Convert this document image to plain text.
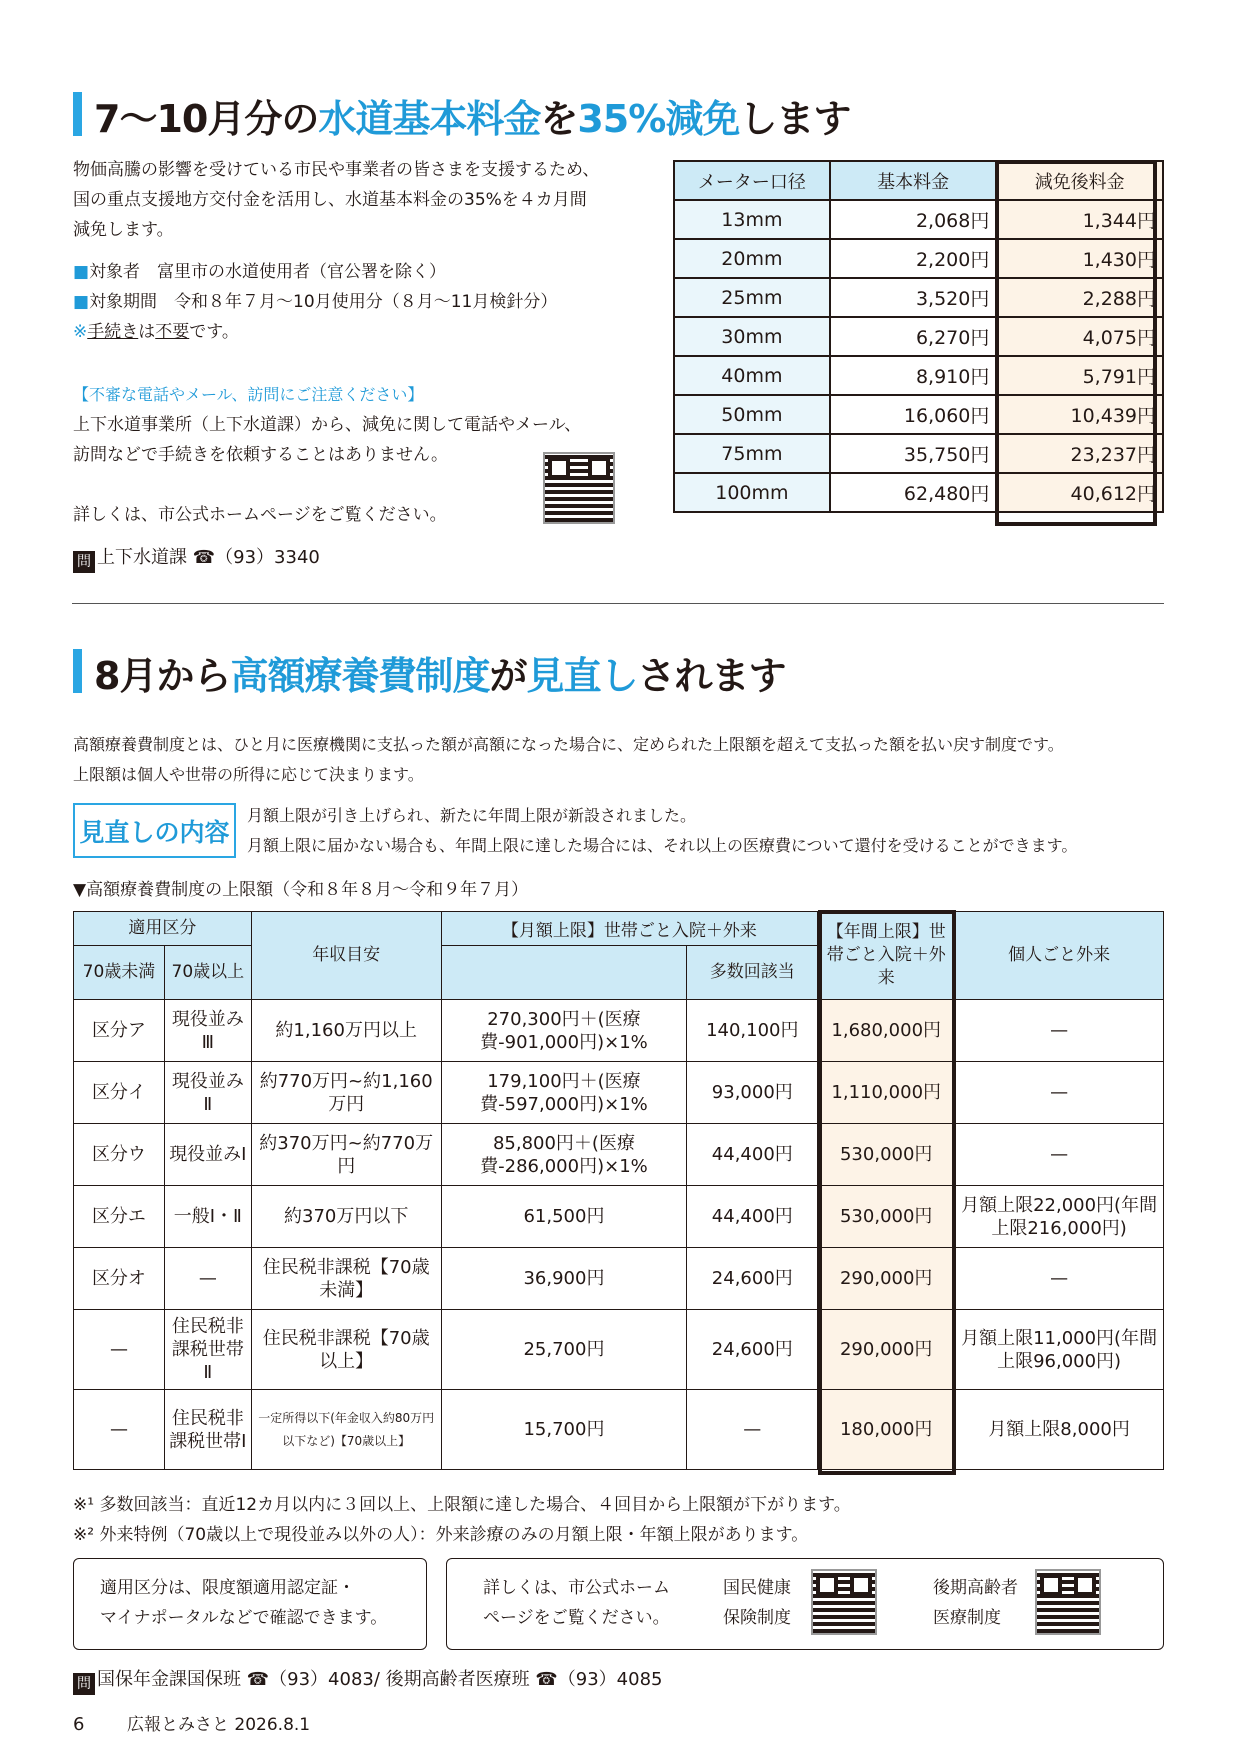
7～10月分の水道基本料金を35%減免します
物価高騰の影響を受けている市民や事業者の皆さまを支援するため、
国の重点支援地方交付金を活用し、水道基本料金の35%を４カ月間
減免します。
■対象者　 富里市の水道使用者（官公署を除く）
■対象期間　 令和８年７月～10月使用分（８月～11月検針分）
※手続きは不要です。
【不審な電話やメール、訪問にご注意ください】
上下水道事業所（上下水道課）から、減免に関して電話やメール、
訪問などで手続きを依頼することはありません。
詳しくは、市公式ホームページをご覧ください。
問 上下水道課 ☎（93）3340
メーター口径	基本料金	減免後料金
13mm	2,068円	1,344円
20mm	2,200円	1,430円
25mm	3,520円	2,288円
30mm	6,270円	4,075円
40mm	8,910円	5,791円
50mm	16,060円	10,439円
75mm	35,750円	23,237円
100mm	62,480円	40,612円
8月から高額療養費制度が見直しされます
高額療養費制度とは、ひと月に医療機関に支払った額が高額になった場合に、定められた上限額を超えて支払った額を払い戻す制度です。
上限額は個人や世帯の所得に応じて決まります。
見直しの内容
月額上限が引き上げられ、新たに年間上限が新設されました。
月額上限に届かない場合も、年間上限に達した場合には、それ以上の医療費について還付を受けることができます。
▼高額療養費制度の上限額（令和８年８月～令和９年７月）
適用区分		年収目安	【月額上限】世帯ごと入院＋外来		【年間上限】世帯ごと入院＋外来	個人ごと外来
70歳未満	70歳以上			多数回該当		
区分ア	現役並みⅢ	約1,160万円以上	270,300円＋(医療費-901,000円)×1%	140,100円	1,680,000円	—
区分イ	現役並みⅡ	約770万円~約1,160万円	179,100円＋(医療費-597,000円)×1%	93,000円	1,110,000円	—
区分ウ	現役並みⅠ	約370万円~約770万円	85,800円＋(医療費-286,000円)×1%	44,400円	530,000円	—
区分エ	一般Ⅰ・Ⅱ	約370万円以下	61,500円	44,400円	530,000円	月額上限22,000円(年間上限216,000円)
区分オ	—	住民税非課税【70歳未満】	36,900円	24,600円	290,000円	—
—	住民税非課税世帯Ⅱ	住民税非課税【70歳以上】	25,700円	24,600円	290,000円	月額上限11,000円(年間上限96,000円)
—	住民税非課税世帯Ⅰ	一定所得以下(年金収入約80万円以下など)【70歳以上】	15,700円	—	180,000円	月額上限8,000円
※¹ 多数回該当：直近12カ月以内に３回以上、上限額に達した場合、４回目から上限額が下がります。
※² 外来特例（70歳以上で現役並み以外の人）：外来診療のみの月額上限・年額上限があります。
適用区分は、限度額適用認定証・
マイナポータルなどで確認できます。
詳しくは、市公式ホーム
ページをご覧ください。
国民健康
保険制度
後期高齢者
医療制度
問 国保年金課国保班 ☎（93）4083/ 後期高齢者医療班 ☎（93）4085
6	広報とみさと 2026.8.1
